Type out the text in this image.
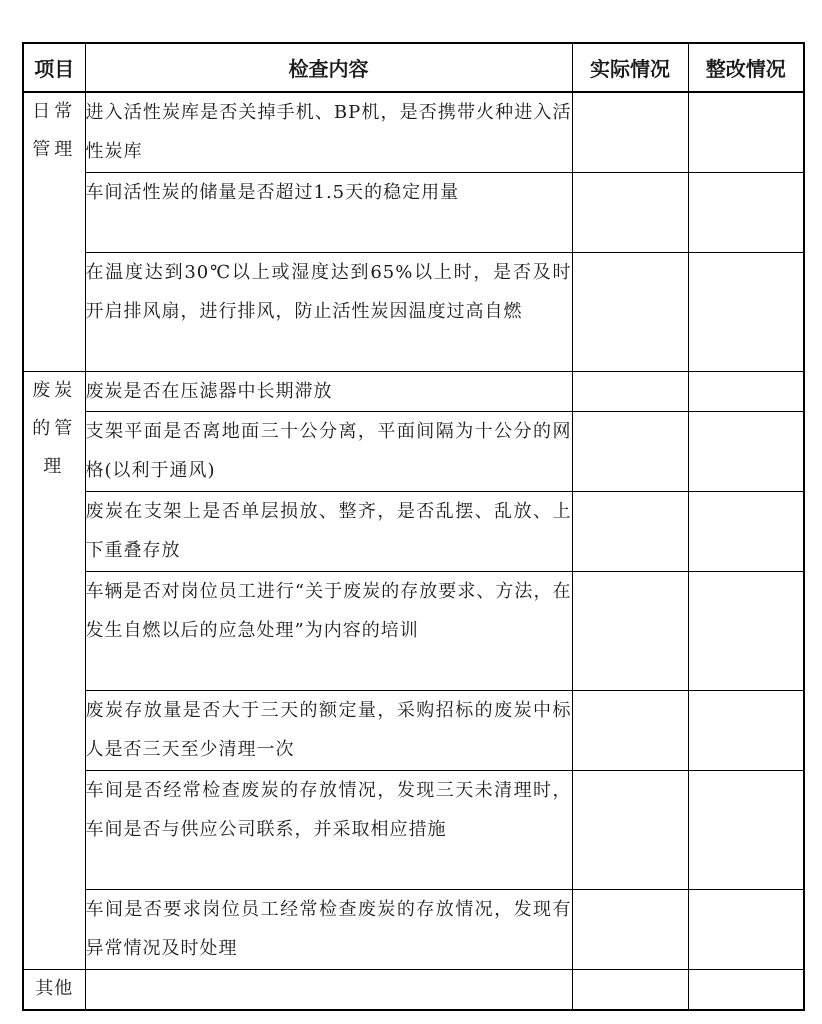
项目	检查内容	实际情况	整改情况
日常管理	进入活性炭库是否关掉手机、BP机，是否携带火种进入活性炭库		
	车间活性炭的储量是否超过1.5天的稳定用量		
	在温度达到30℃以上或湿度达到65%以上时，是否及时开启排风扇，进行排风，防止活性炭因温度过高自燃		
废炭的管理	废炭是否在压滤器中长期滞放		
	支架平面是否离地面三十公分离，平面间隔为十公分的网格(以利于通风)		
	废炭在支架上是否单层损放、整齐，是否乱摆、乱放、上下重叠存放		
	车辆是否对岗位员工进行“关于废炭的存放要求、方法，在发生自燃以后的应急处理”为内容的培训		
	废炭存放量是否大于三天的额定量，采购招标的废炭中标人是否三天至少清理一次		
	车间是否经常检查废炭的存放情况，发现三天未清理时，车间是否与供应公司联系，并采取相应措施		
	车间是否要求岗位员工经常检查废炭的存放情况，发现有异常情况及时处理		
其他			
